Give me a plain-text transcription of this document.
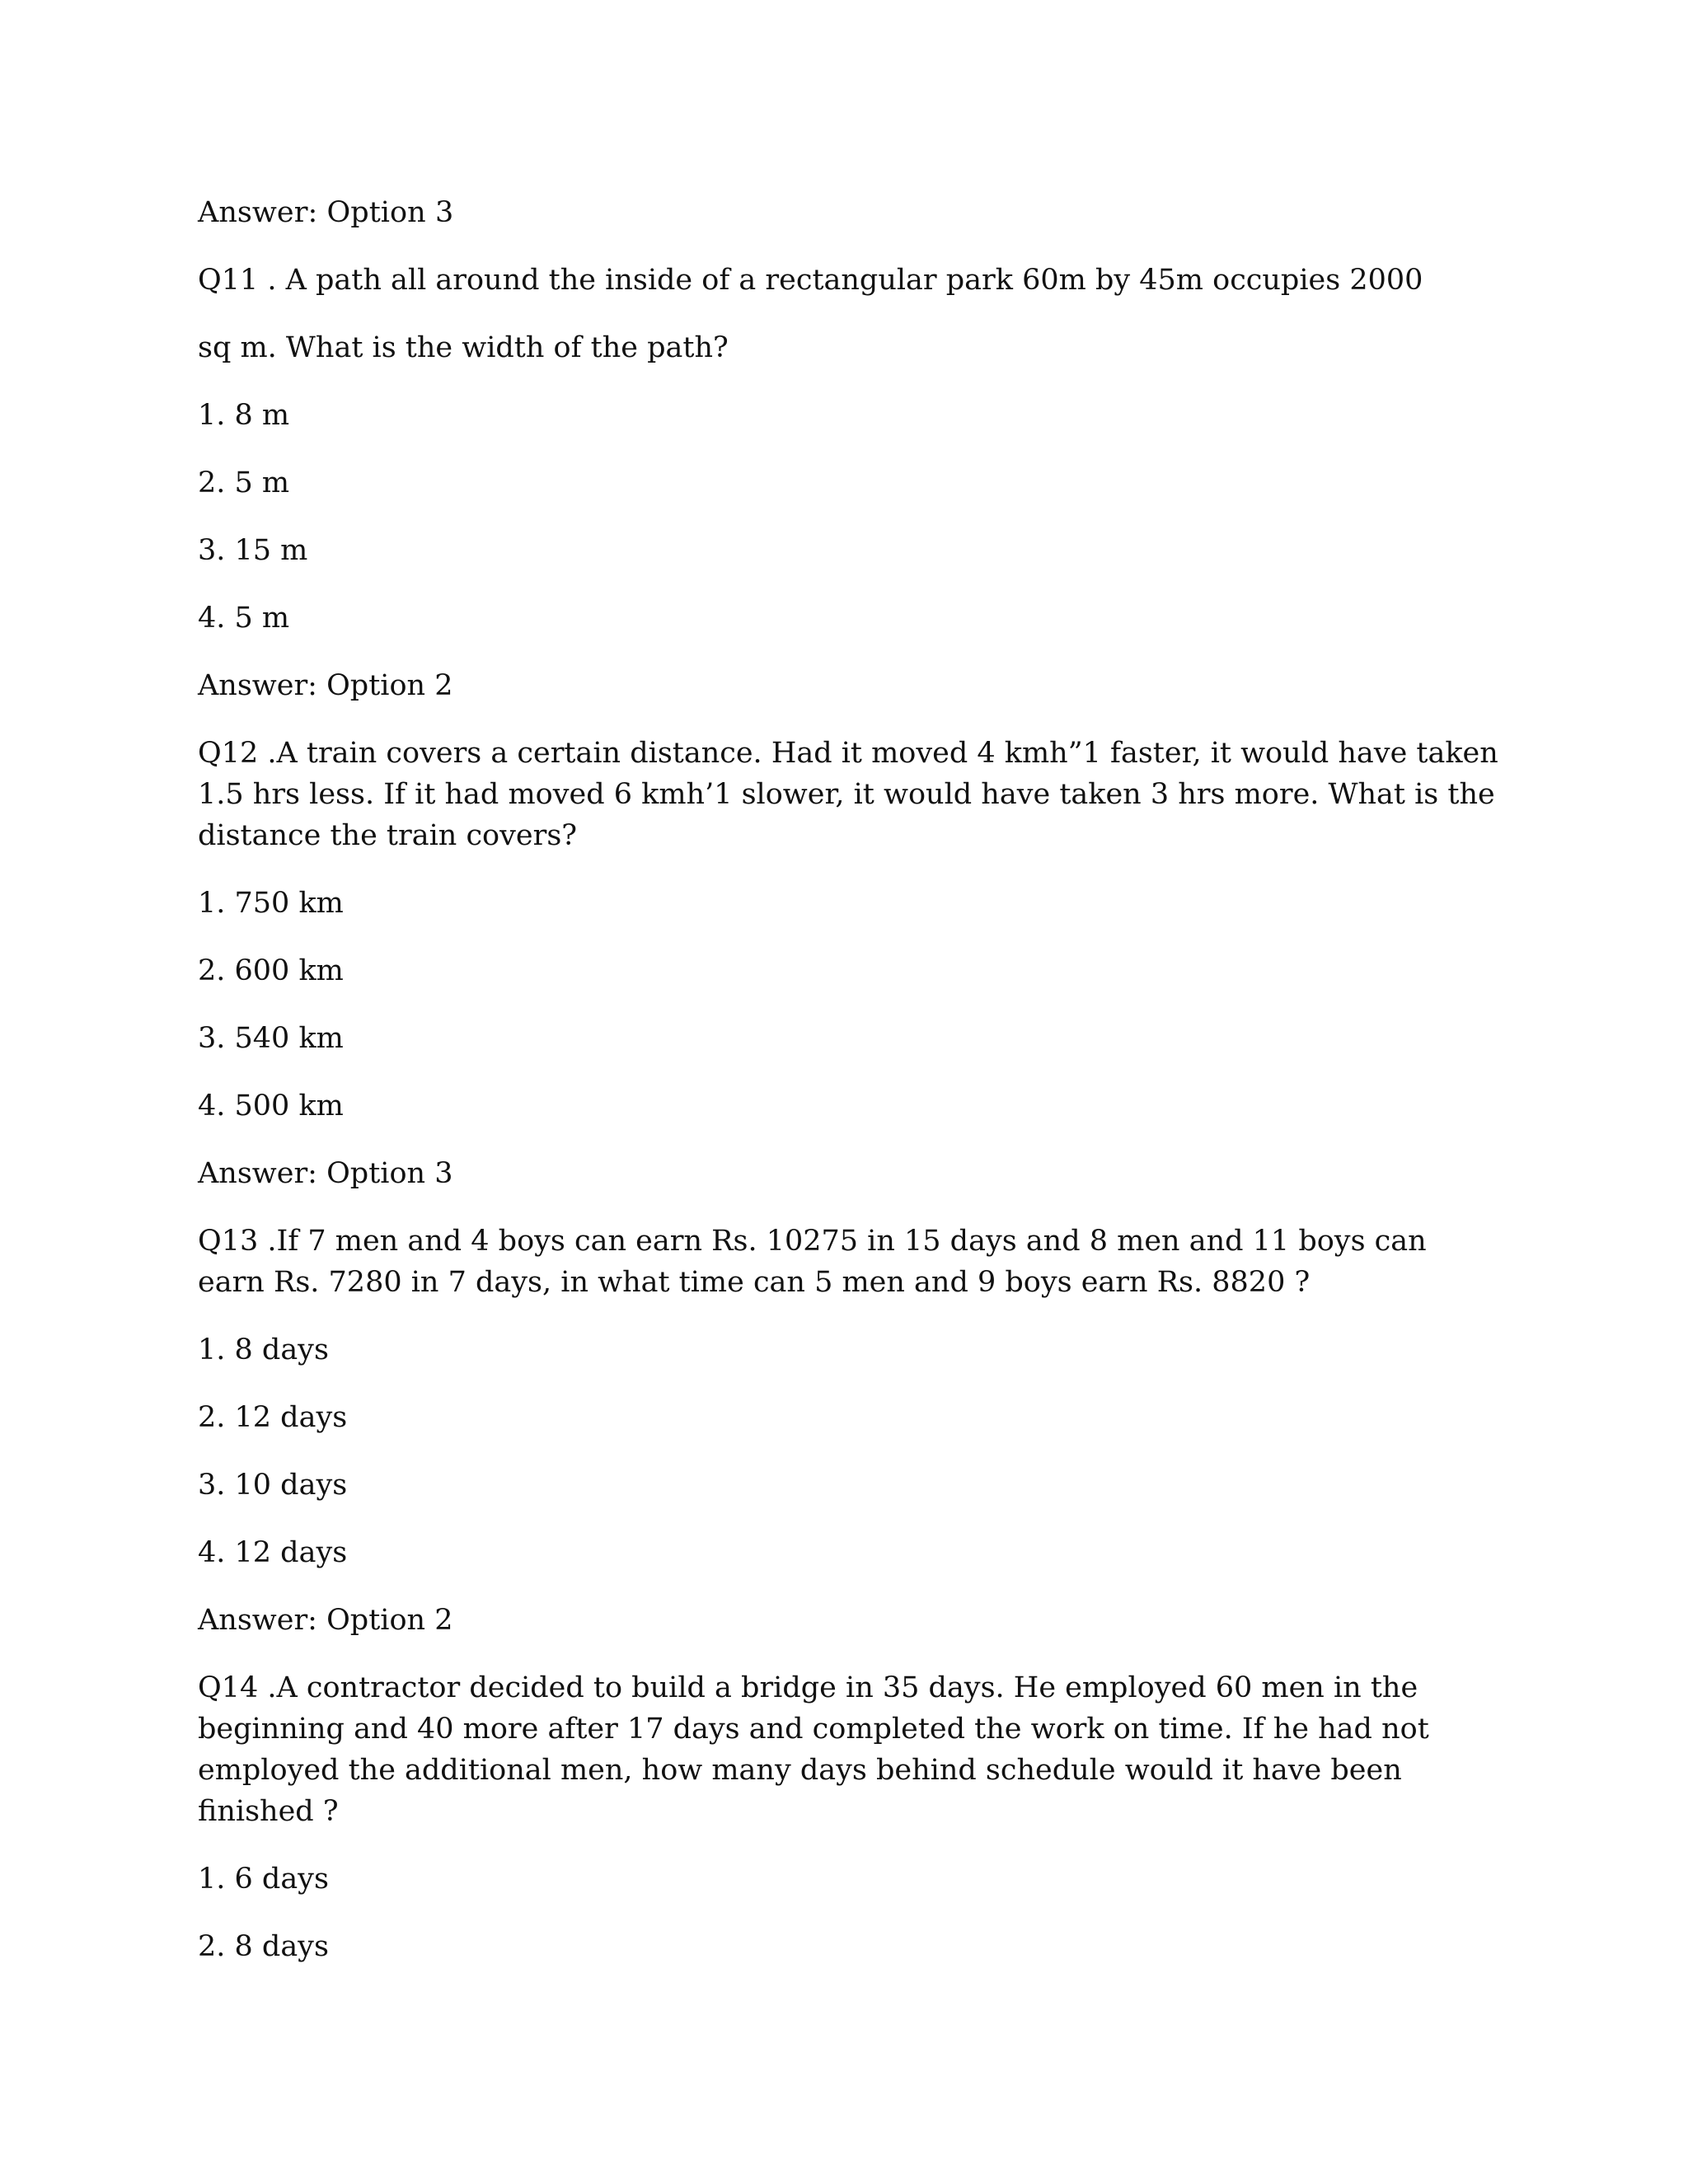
Answer: Option 3

Q11 . A path all around the inside of a rectangular park 60m by 45m occupies 2000

sq m. What is the width of the path?

1. 8 m

2. 5 m

3. 15 m

4. 5 m

Answer: Option 2

Q12 .A train covers a certain distance. Had it moved 4 kmh”1 faster, it would have taken 1.5 hrs less. If it had moved 6 kmh’1 slower, it would have taken 3 hrs more. What is the distance the train covers?

1. 750 km

2. 600 km

3. 540 km

4. 500 km

Answer: Option 3

Q13 .If 7 men and 4 boys can earn Rs. 10275 in 15 days and 8 men and 11 boys can earn Rs. 7280 in 7 days, in what time can 5 men and 9 boys earn Rs. 8820 ?

1. 8 days

2. 12 days

3. 10 days

4. 12 days

Answer: Option 2

Q14 .A contractor decided to build a bridge in 35 days. He employed 60 men in the beginning and 40 more after 17 days and completed the work on time. If he had not employed the additional men, how many days behind schedule would it have been finished ?

1. 6 days

2. 8 days
